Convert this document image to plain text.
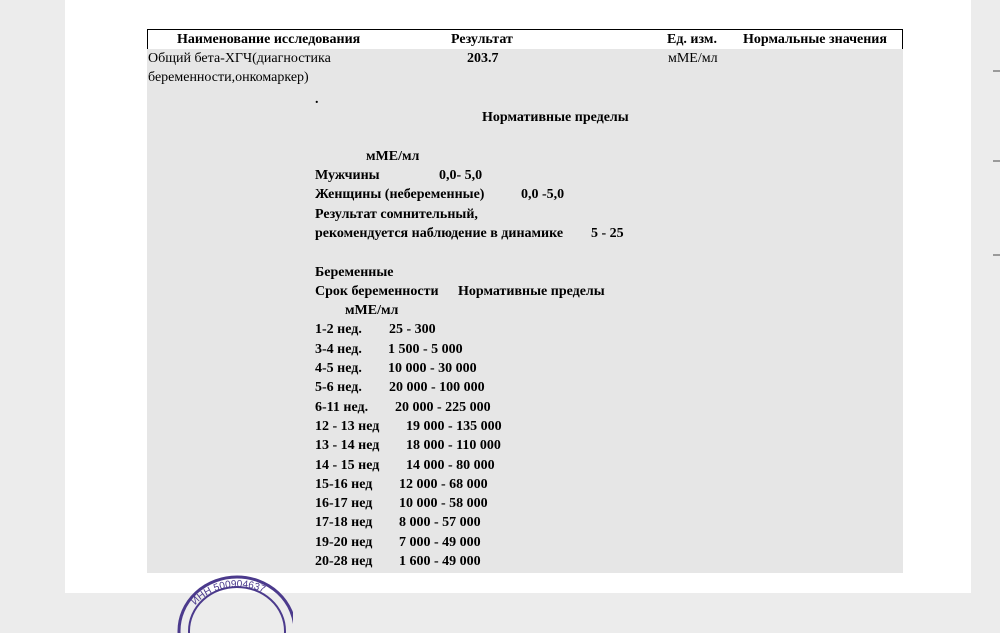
Наименование исследования	Результат	Ед. изм. Нормальные значения
Общий бета-ХГЧ(диагностика
беременности,онкомаркер)
203.7	мМЕ/мл
.
Нормативные пределы
мМЕ/мл
Мужчины	0,0- 5,0
Женщины (небеременные)	0,0 -5,0
Результат сомнительный,
рекомендуется наблюдение в динамике 5 - 25
Беременные
Срок беременности Нормативные пределы
мМЕ/мл
1-2 нед. 25 - 300
3-4 нед. 1 500 - 5 000
4-5 нед. 10 000 - 30 000
5-6 нед. 20 000 - 100 000
6-11 нед. 20 000 - 225 000
12 - 13 нед 19 000 - 135 000
13 - 14 нед 18 000 - 110 000
14 - 15 нед 14 000 - 80 000
15-16 нед 12 000 - 68 000
16-17 нед 10 000 - 58 000
17-18 нед 8 000 - 57 000
19-20 нед 7 000 - 49 000
20-28 нед 1 600 - 49 000
ИНН 500904637
